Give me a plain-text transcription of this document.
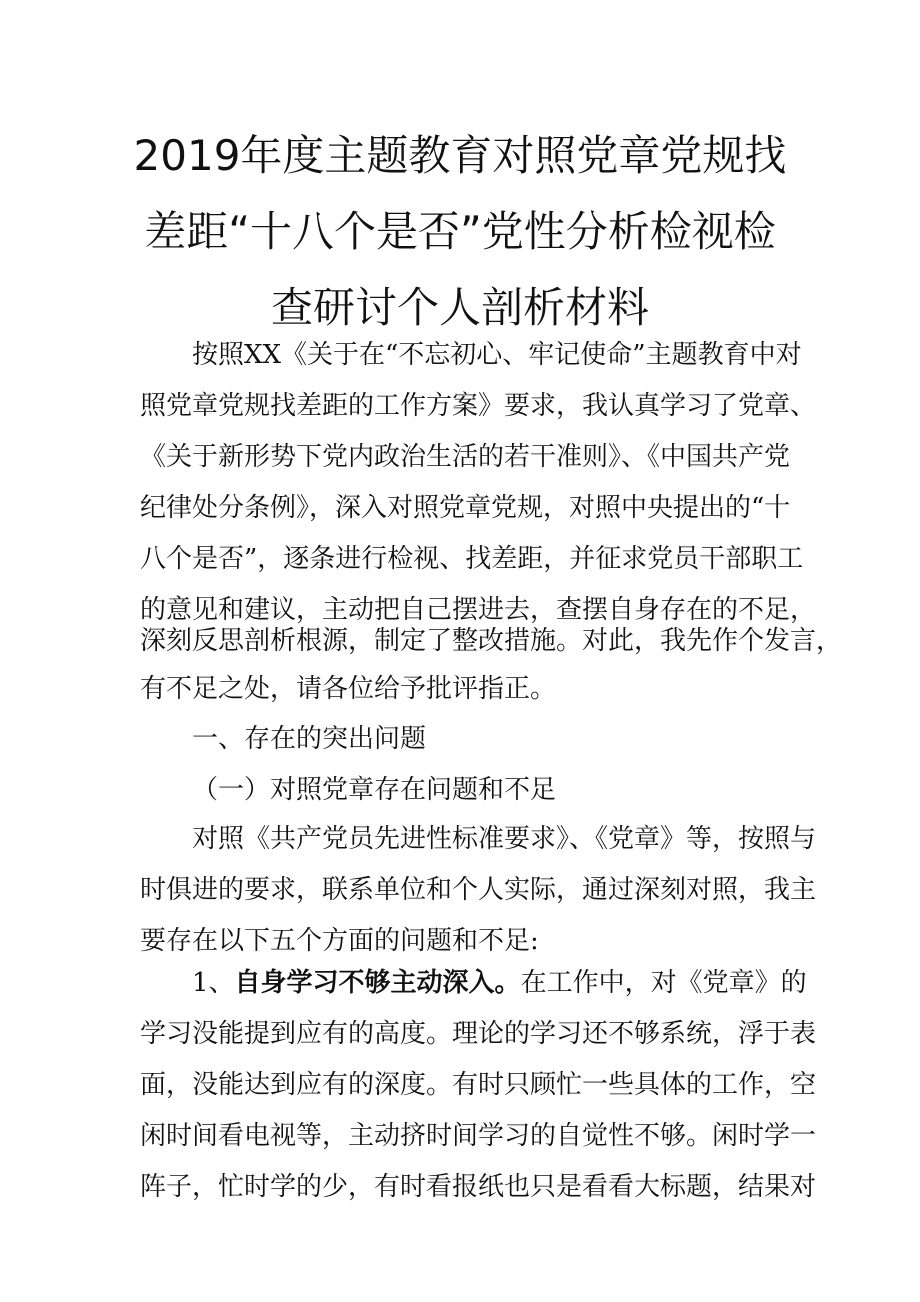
2019年度主题教育对照党章党规找
差距“十八个是否”党性分析检视检
查研讨个人剖析材料
按照XX《关于在“不忘初心、牢记使命”主题教育中对
照党章党规找差距的工作方案》要求，我认真学习了党章、
《关于新形势下党内政治生活的若干准则》、《中国共产党
纪律处分条例》，深入对照党章党规，对照中央提出的“十
八个是否”，逐条进行检视、找差距，并征求党员干部职工
的意见和建议，主动把自己摆进去，查摆自身存在的不足，
深刻反思剖析根源，制定了整改措施。对此，我先作个发言，
有不足之处，请各位给予批评指正。
一、存在的突出问题
（一）对照党章存在问题和不足
对照《共产党员先进性标准要求》、《党章》等，按照与
时俱进的要求，联系单位和个人实际，通过深刻对照，我主
要存在以下五个方面的问题和不足:
1、 自身学习不够主动深入。 在工作中，对《党章》的
学习没能提到应有的高度。理论的学习还不够系统，浮于表
面，没能达到应有的深度。有时只顾忙一些具体的工作，空
闲时间看电视等，主动挤时间学习的自觉性不够。闲时学一
阵子，忙时学的少，有时看报纸也只是看看大标题，结果对
